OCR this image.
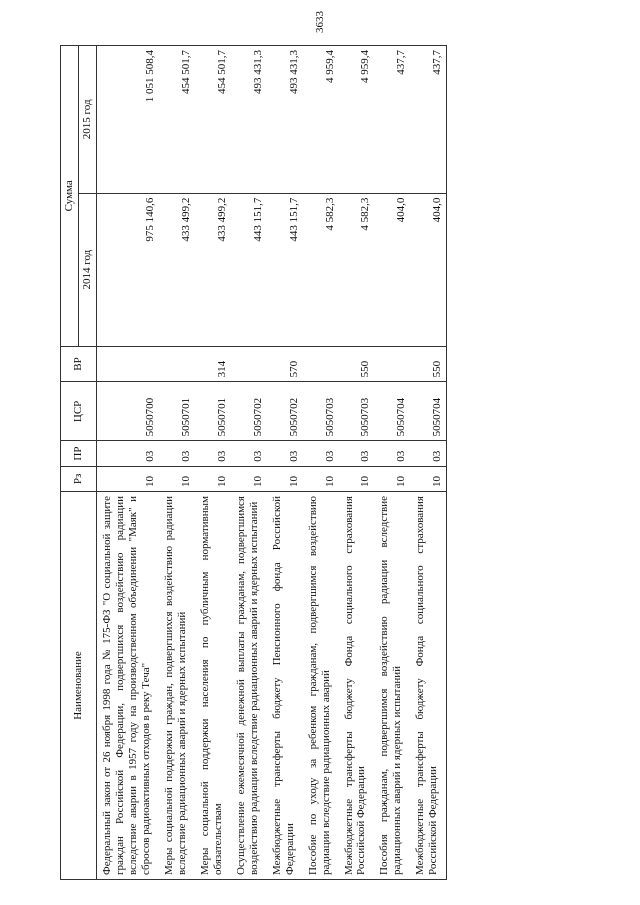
3633
Наименование	Рз	ПР	ЦСР	ВР	Сумма	
					2014 год	2015 год
Федеральный закон от 26 ноября 1998 года № 175-ФЗ "О социальной защите граждан Российской Федерации, подвергшихся воздействию радиации вследствие аварии в 1957 году на производственном объединении "Маяк" и сбросов радиоактивных отходов в реку Теча"	10	03	5050700		975 140,6	1 051 508,4
Меры социальной поддержки граждан, подвергшихся воздействию радиации вследствие радиационных аварий и ядерных испытаний	10	03	5050701		433 499,2	454 501,7
Меры социальной поддержки населения по публичным нормативным обязательствам	10	03	5050701	314	433 499,2	454 501,7
Осуществление ежемесячной денежной выплаты гражданам, подвергшимся воздействию радиации вследствие радиационных аварий и ядерных испытаний	10	03	5050702		443 151,7	493 431,3
Межбюджетные трансферты бюджету Пенсионного фонда Российской Федерации	10	03	5050702	570	443 151,7	493 431,3
Пособие по уходу за ребенком гражданам, подвергшимся воздействию радиации вследствие радиационных аварий	10	03	5050703		4 582,3	4 959,4
Межбюджетные трансферты бюджету Фонда социального страхования Российской Федерации	10	03	5050703	550	4 582,3	4 959,4
Пособия гражданам, подвергшимся воздействию радиации вследствие радиационных аварий и ядерных испытаний	10	03	5050704		404,0	437,7
Межбюджетные трансферты бюджету Фонда социального страхования Российской Федерации	10	03	5050704	550	404,0	437,7
